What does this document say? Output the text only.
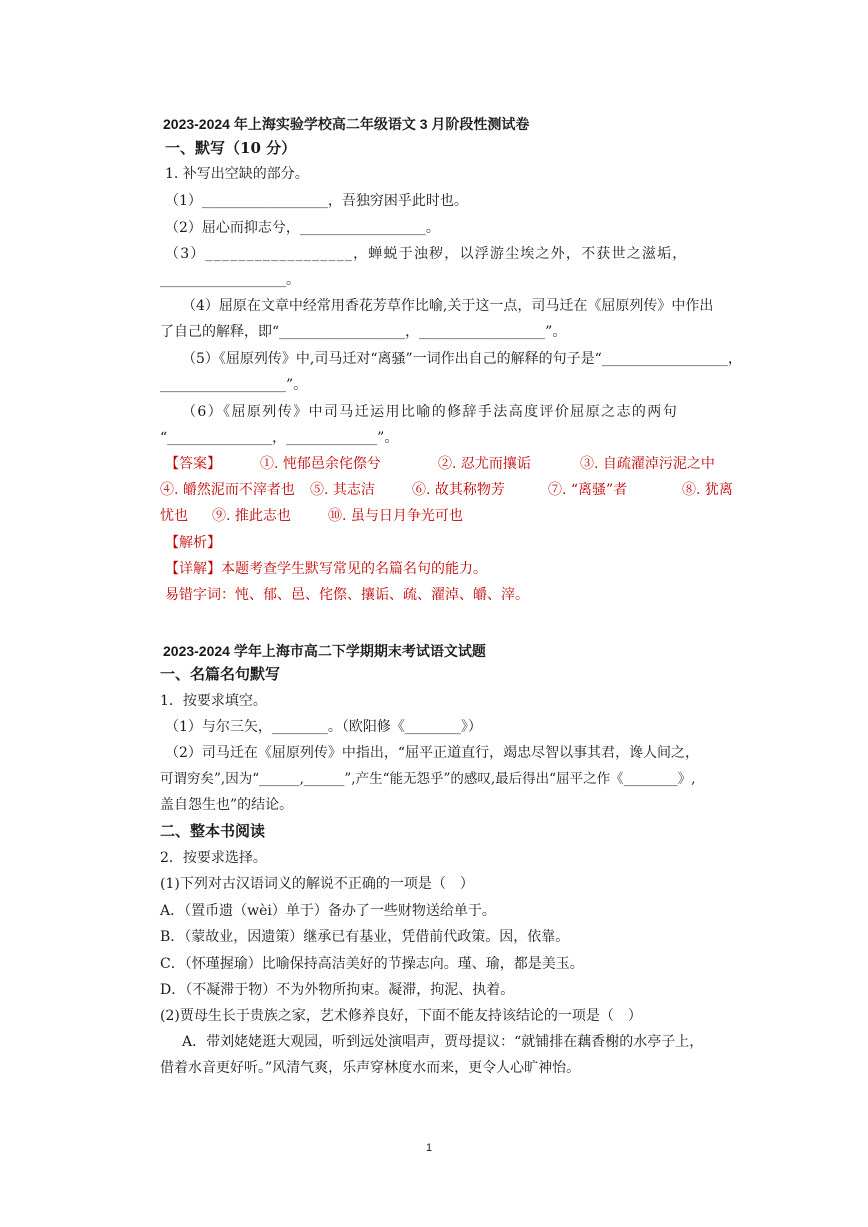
2023-2024 年上海实验学校高二年级语文 3 月阶段性测试卷
一、默写（10 分）
1. 补写出空缺的部分。
（1）__________________，吾独穷困乎此时也。
（2）屈心而抑志兮，__________________。
（3）__________________，蝉蜕于浊秽，以浮游尘埃之外，不获世之滋垢，
__________________。
（4）屈原在文章中经常用香花芳草作比喻,关于这一点，司马迁在《屈原列传》中作出
了自己的解释，即“__________________，__________________”。
（5）《屈原列传》中,司马迁对“离骚”一词作出自己的解释的句子是“__________________，
__________________”。
（6）《屈原列传》中司马迁运用比喻的修辞手法高度评价屈原之志的两句
“_______________，_____________”。
【答案】	①. 忳郁邑余侘傺兮	②. 忍尤而攘诟	③. 自疏濯淖污泥之中
④. 皭然泥而不滓者也 ⑤. 其志洁	⑥. 故其称物芳	⑦. “离骚”者	⑧. 犹离
忧也 ⑨. 推此志也	⑩. 虽与日月争光可也
【解析】
【详解】本题考查学生默写常见的名篇名句的能力。
易错字词：忳、郁、邑、侘傺、攘诟、疏、濯淖、皭、滓。
2023-2024 学年上海市高二下学期期末考试语文试题
一、名篇名句默写
1．按要求填空。
（1）与尔三矢，________。（欧阳修《________》）
（2）司马迁在《屈原列传》中指出，“屈平正道直行，竭忠尽智以事其君，谗人间之，
可谓穷矣”,因为“______,______”,产生“能无怨乎”的感叹,最后得出“屈平之作《________》,
盖自怨生也”的结论。
二、整本书阅读
2．按要求选择。
(1)下列对古汉语词义的解说不正确的一项是（　）
A．（置币遗（wèi）单于）备办了一些财物送给单于。
B．（蒙故业，因遗策）继承已有基业，凭借前代政策。因，依靠。
C．（怀瑾握瑜）比喻保持高洁美好的节操志向。瑾、瑜，都是美玉。
D．（不凝滞于物）不为外物所拘束。凝滞，拘泥、执着。
(2)贾母生长于贵族之家，艺术修养良好，下面不能友持该结论的一项是（　）
A．带刘姥姥逛大观园，听到远处演唱声，贾母提议：“就铺排在藕香榭的水亭子上，
借着水音更好听。”风清气爽，乐声穿林度水而来，更令人心旷神怡。
1
